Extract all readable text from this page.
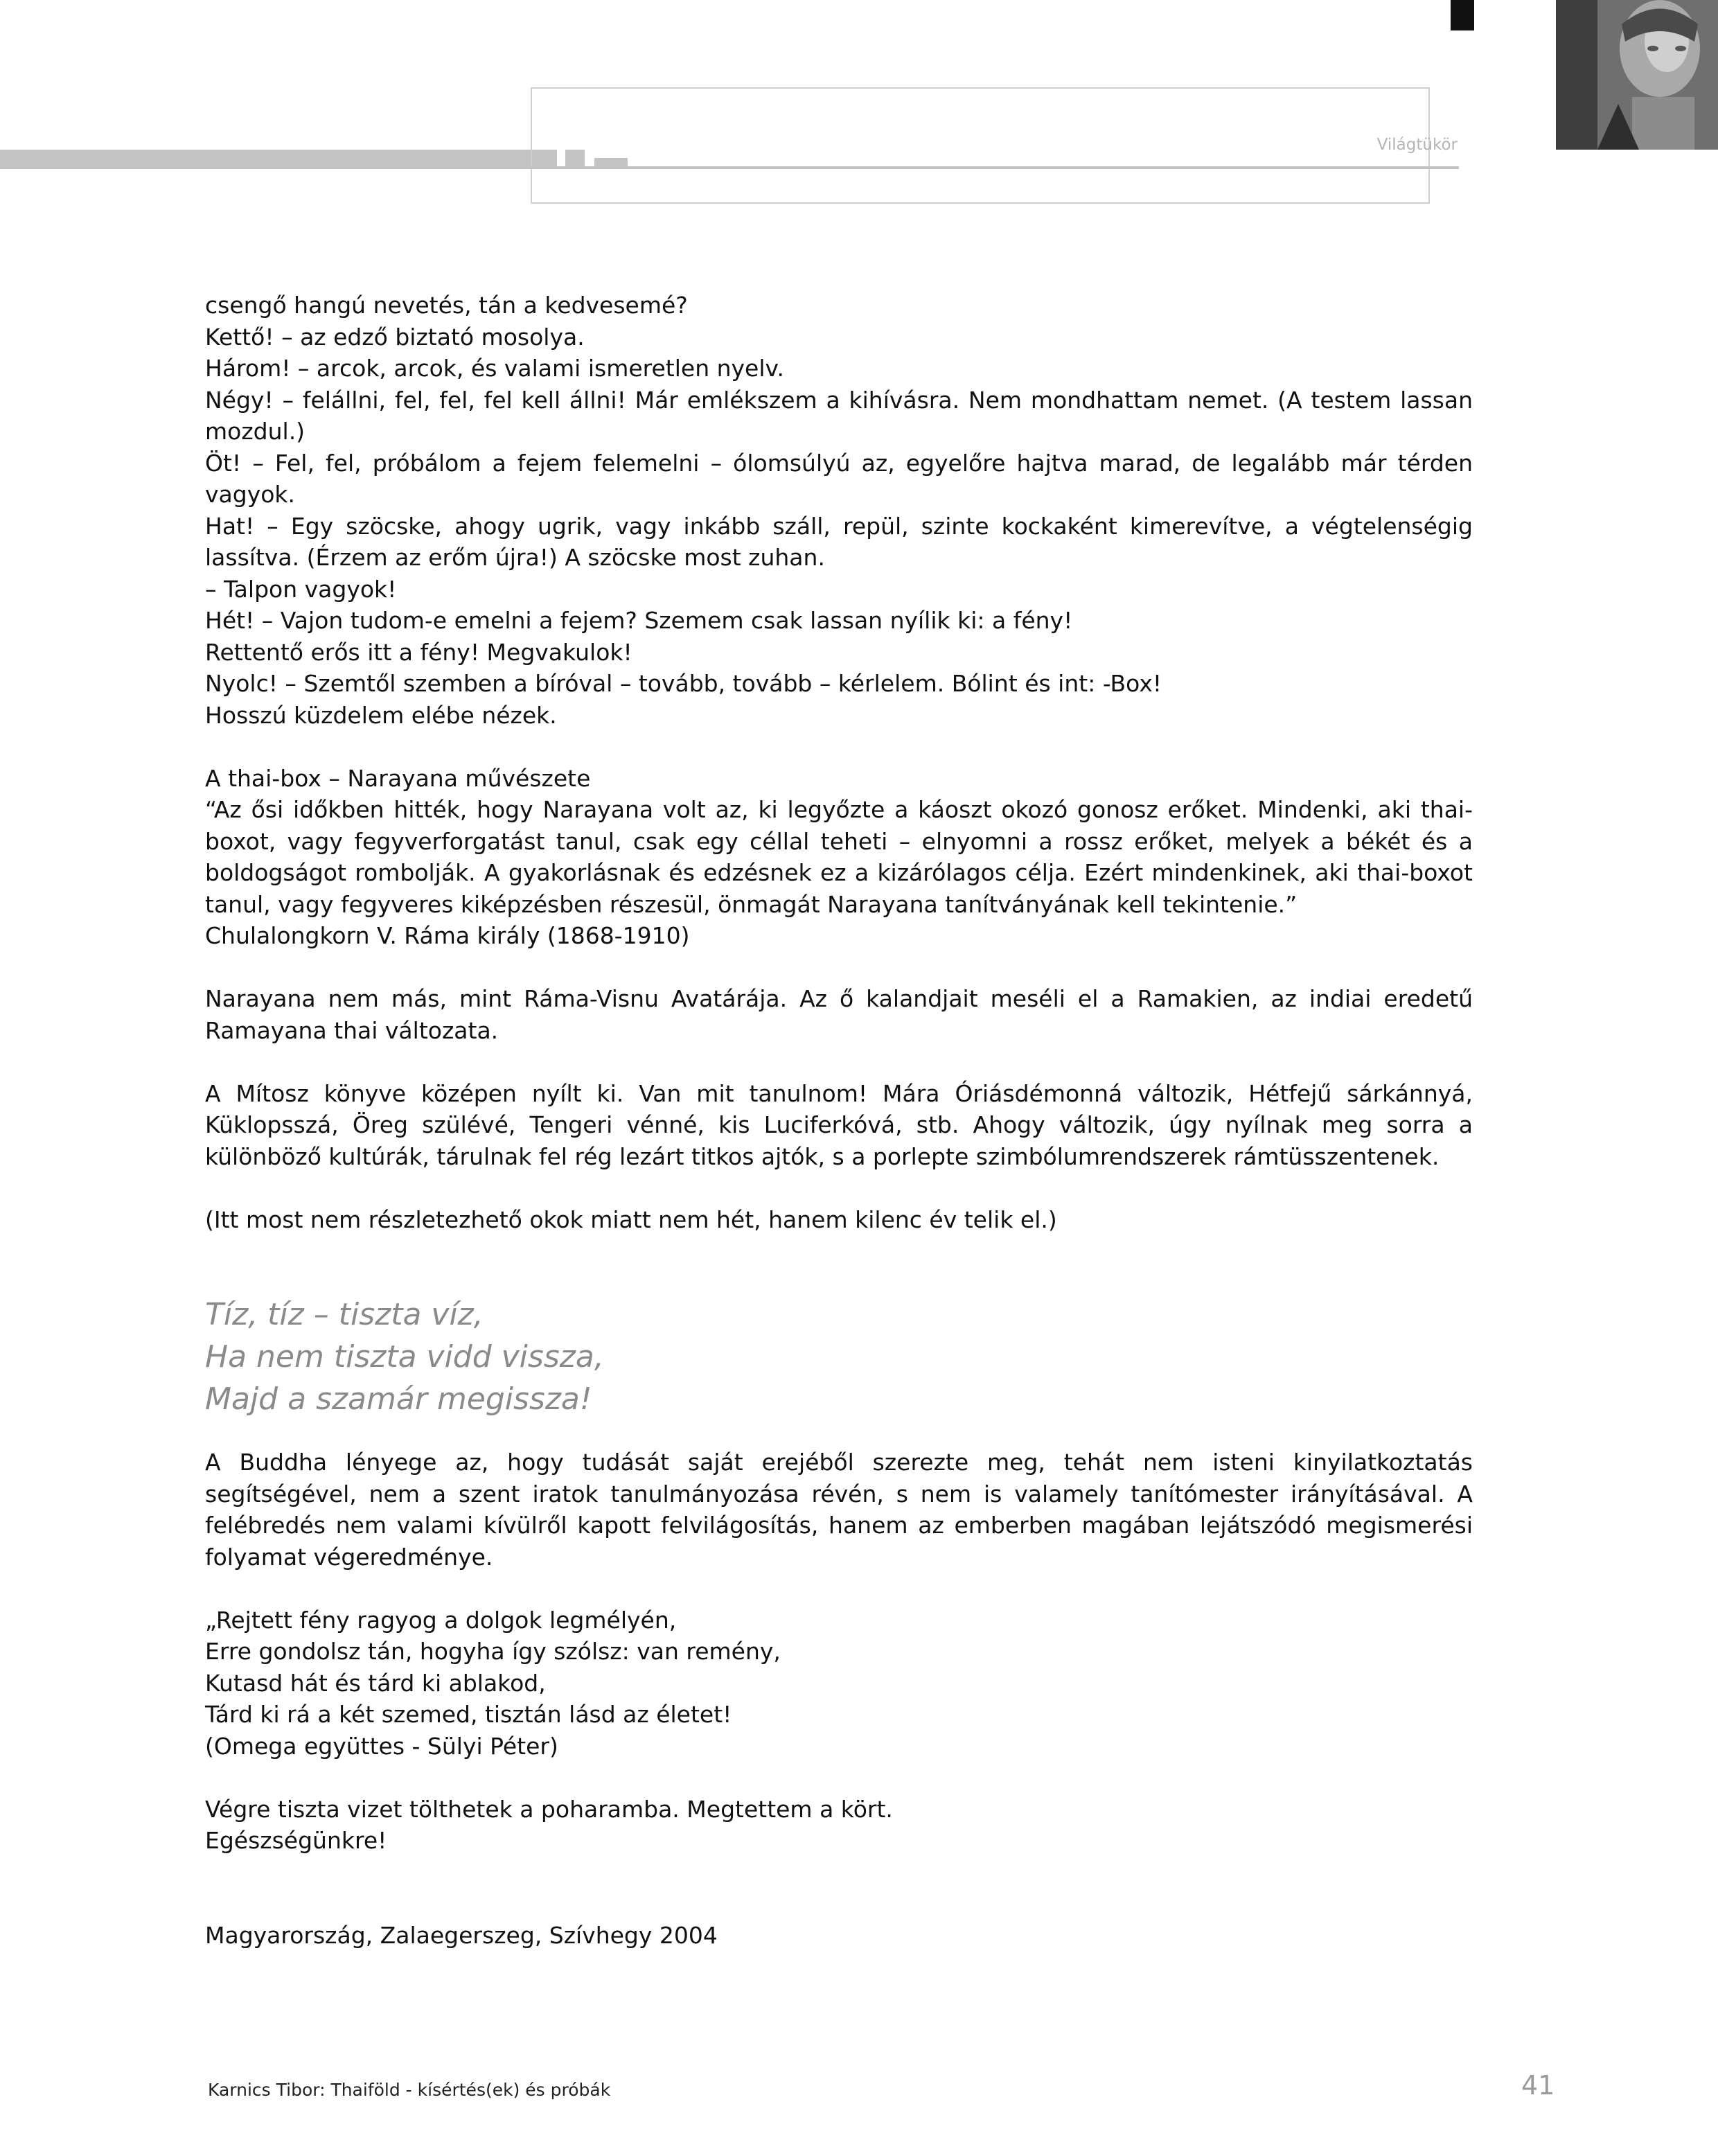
Világtükör

csengő hangú nevetés, tán a kedvesemé?

Kettő! – az edző biztató mosolya.

Három! – arcok, arcok, és valami ismeretlen nyelv.

Négy! – felállni, fel, fel, fel kell állni! Már emlékszem a kihívásra. Nem mondhattam nemet. (A testem lassan mozdul.)

Öt! – Fel, fel, próbálom a fejem felemelni – ólomsúlyú az, egyelőre hajtva marad, de legalább már térden vagyok.

Hat! – Egy szöcske, ahogy ugrik, vagy inkább száll, repül, szinte kockaként kimerevítve, a végtelenségig lassítva. (Érzem az erőm újra!) A szöcske most zuhan.

– Talpon vagyok!

Hét! – Vajon tudom-e emelni a fejem? Szemem csak lassan nyílik ki: a fény!

Rettentő erős itt a fény! Megvakulok!

Nyolc! – Szemtől szemben a bíróval – tovább, tovább – kérlelem. Bólint és int: -Box!

Hosszú küzdelem elébe nézek.

A thai-box – Narayana művészete

“Az ősi időkben hitték, hogy Narayana volt az, ki legyőzte a káoszt okozó gonosz erőket. Mindenki, aki thai-boxot, vagy fegyverforgatást tanul, csak egy céllal teheti – elnyomni a rossz erőket, melyek a békét és a boldogságot rombolják. A gyakorlásnak és edzésnek ez a kizárólagos célja. Ezért mindenkinek, aki thai-boxot tanul, vagy fegyveres kiképzésben részesül, önmagát Narayana tanítványának kell tekintenie.”

Chulalongkorn V. Ráma király (1868-1910)

Narayana nem más, mint Ráma-Visnu Avatárája. Az ő kalandjait meséli el a Ramakien, az indiai eredetű Ramayana thai változata.

A Mítosz könyve középen nyílt ki. Van mit tanulnom! Mára Óriásdémonná változik, Hétfejű sárkánnyá, Küklopsszá, Öreg szülévé, Tengeri vénné, kis Luciferkóvá, stb. Ahogy változik, úgy nyílnak meg sorra a különböző kultúrák, tárulnak fel rég lezárt titkos ajtók, s a porlepte szimbólumrendszerek rámtüsszentenek.

(Itt most nem részletezhető okok miatt nem hét, hanem kilenc év telik el.)

Tíz, tíz – tiszta víz,

Ha nem tiszta vidd vissza,

Majd a szamár megissza!

A Buddha lényege az, hogy tudását saját erejéből szerezte meg, tehát nem isteni kinyilatkoztatás segítségével, nem a szent iratok tanulmányozása révén, s nem is valamely tanítómester irányításával. A felébredés nem valami kívülről kapott felvilágosítás, hanem az emberben magában lejátszódó megismerési folyamat végeredménye.

„Rejtett fény ragyog a dolgok legmélyén,

Erre gondolsz tán, hogyha így szólsz: van remény,

Kutasd hát és tárd ki ablakod,

Tárd ki rá a két szemed, tisztán lásd az életet!

(Omega együttes - Sülyi Péter)

Végre tiszta vizet tölthetek a poharamba. Megtettem a kört.

Egészségünkre!

Magyarország, Zalaegerszeg, Szívhegy 2004

Karnics Tibor: Thaiföld - kísértés(ek) és próbák	41
